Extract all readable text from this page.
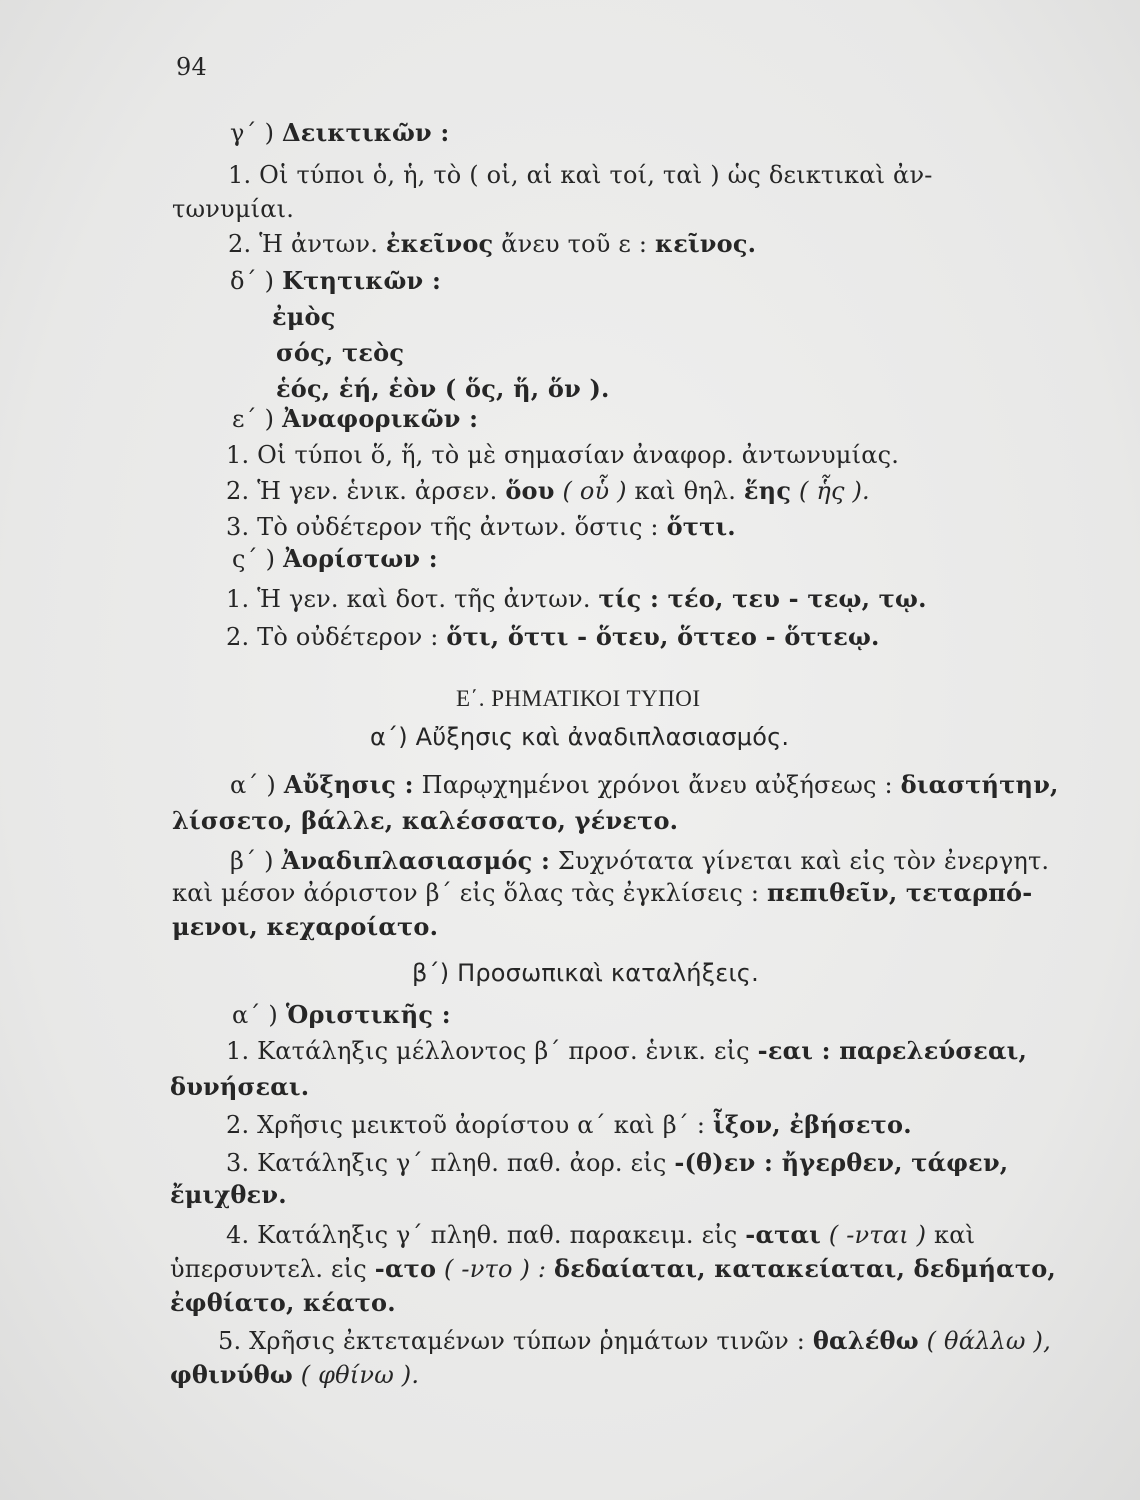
94
γ΄ ) Δεικτικῶν :
1. Οἱ τύποι ὁ, ἡ, τὸ ( οἱ, αἱ καὶ τοί, ταὶ ) ὡς δεικτικαὶ ἀν-
τωνυμίαι.
2. Ἡ ἀντων. ἐκεῖνος ἄνευ τοῦ ε : κεῖνος.
δ΄ ) Κτητικῶν :
ἐμὸς
σός, τεὸς
ἑός, ἑή, ἑὸν ( ὅς, ἥ, ὅν ).
ε΄ ) Ἀναφορικῶν :
1. Οἱ τύποι ὅ, ἥ, τὸ μὲ σημασίαν ἀναφορ. ἀντωνυμίας.
2. Ἡ γεν. ἑνικ. ἀρσεν. ὅου ( οὗ ) καὶ θηλ. ἕης ( ἧς ).
3. Τὸ οὐδέτερον τῆς ἀντων. ὅστις : ὅττι.
ς΄ ) Ἀορίστων :
1. Ἡ γεν. καὶ δοτ. τῆς ἀντων. τίς : τέο, τευ - τεῳ, τῳ.
2. Τὸ οὐδέτερον : ὅτι, ὅττι - ὅτευ, ὅττεο - ὅττεῳ.
Ε΄. ΡΗΜΑΤΙΚΟΙ ΤΥΠΟΙ
α΄) Αὔξησις καὶ ἀναδιπλασιασμός.
α΄ ) Αὔξησις : Παρῳχημένοι χρόνοι ἄνευ αὐξήσεως : διαστήτην,
λίσσετο, βάλλε, καλέσσατο, γένετο.
β΄ ) Ἀναδιπλασιασμός : Συχνότατα γίνεται καὶ εἰς τὸν ἐνεργητ.
καὶ μέσον ἀόριστον β΄ εἰς ὅλας τὰς ἐγκλίσεις : πεπιθεῖν, τεταρπό-
μενοι, κεχαροίατο.
β΄) Προσωπικαὶ καταλήξεις.
α΄ ) Ὁριστικῆς :
1. Κατάληξις μέλλοντος β΄ προσ. ἑνικ. εἰς -εαι : παρελεύσεαι,
δυνήσεαι.
2. Χρῆσις μεικτοῦ ἀορίστου α΄ καὶ β΄ : ἷξον, ἐβήσετο.
3. Κατάληξις γ΄ πληθ. παθ. ἀορ. εἰς -(θ)εν : ἤγερθεν, τάφεν,
ἔμιχθεν.
4. Κατάληξις γ΄ πληθ. παθ. παρακειμ. εἰς -αται ( -νται ) καὶ
ὑπερσυντελ. εἰς -ατο ( -ντο ) : δεδαίαται, κατακείαται, δεδμήατο,
ἐφθίατο, κέατο.
5. Χρῆσις ἐκτεταμένων τύπων ῥημάτων τινῶν : θαλέθω ( θάλλω ),
φθινύθω ( φθίνω ).
